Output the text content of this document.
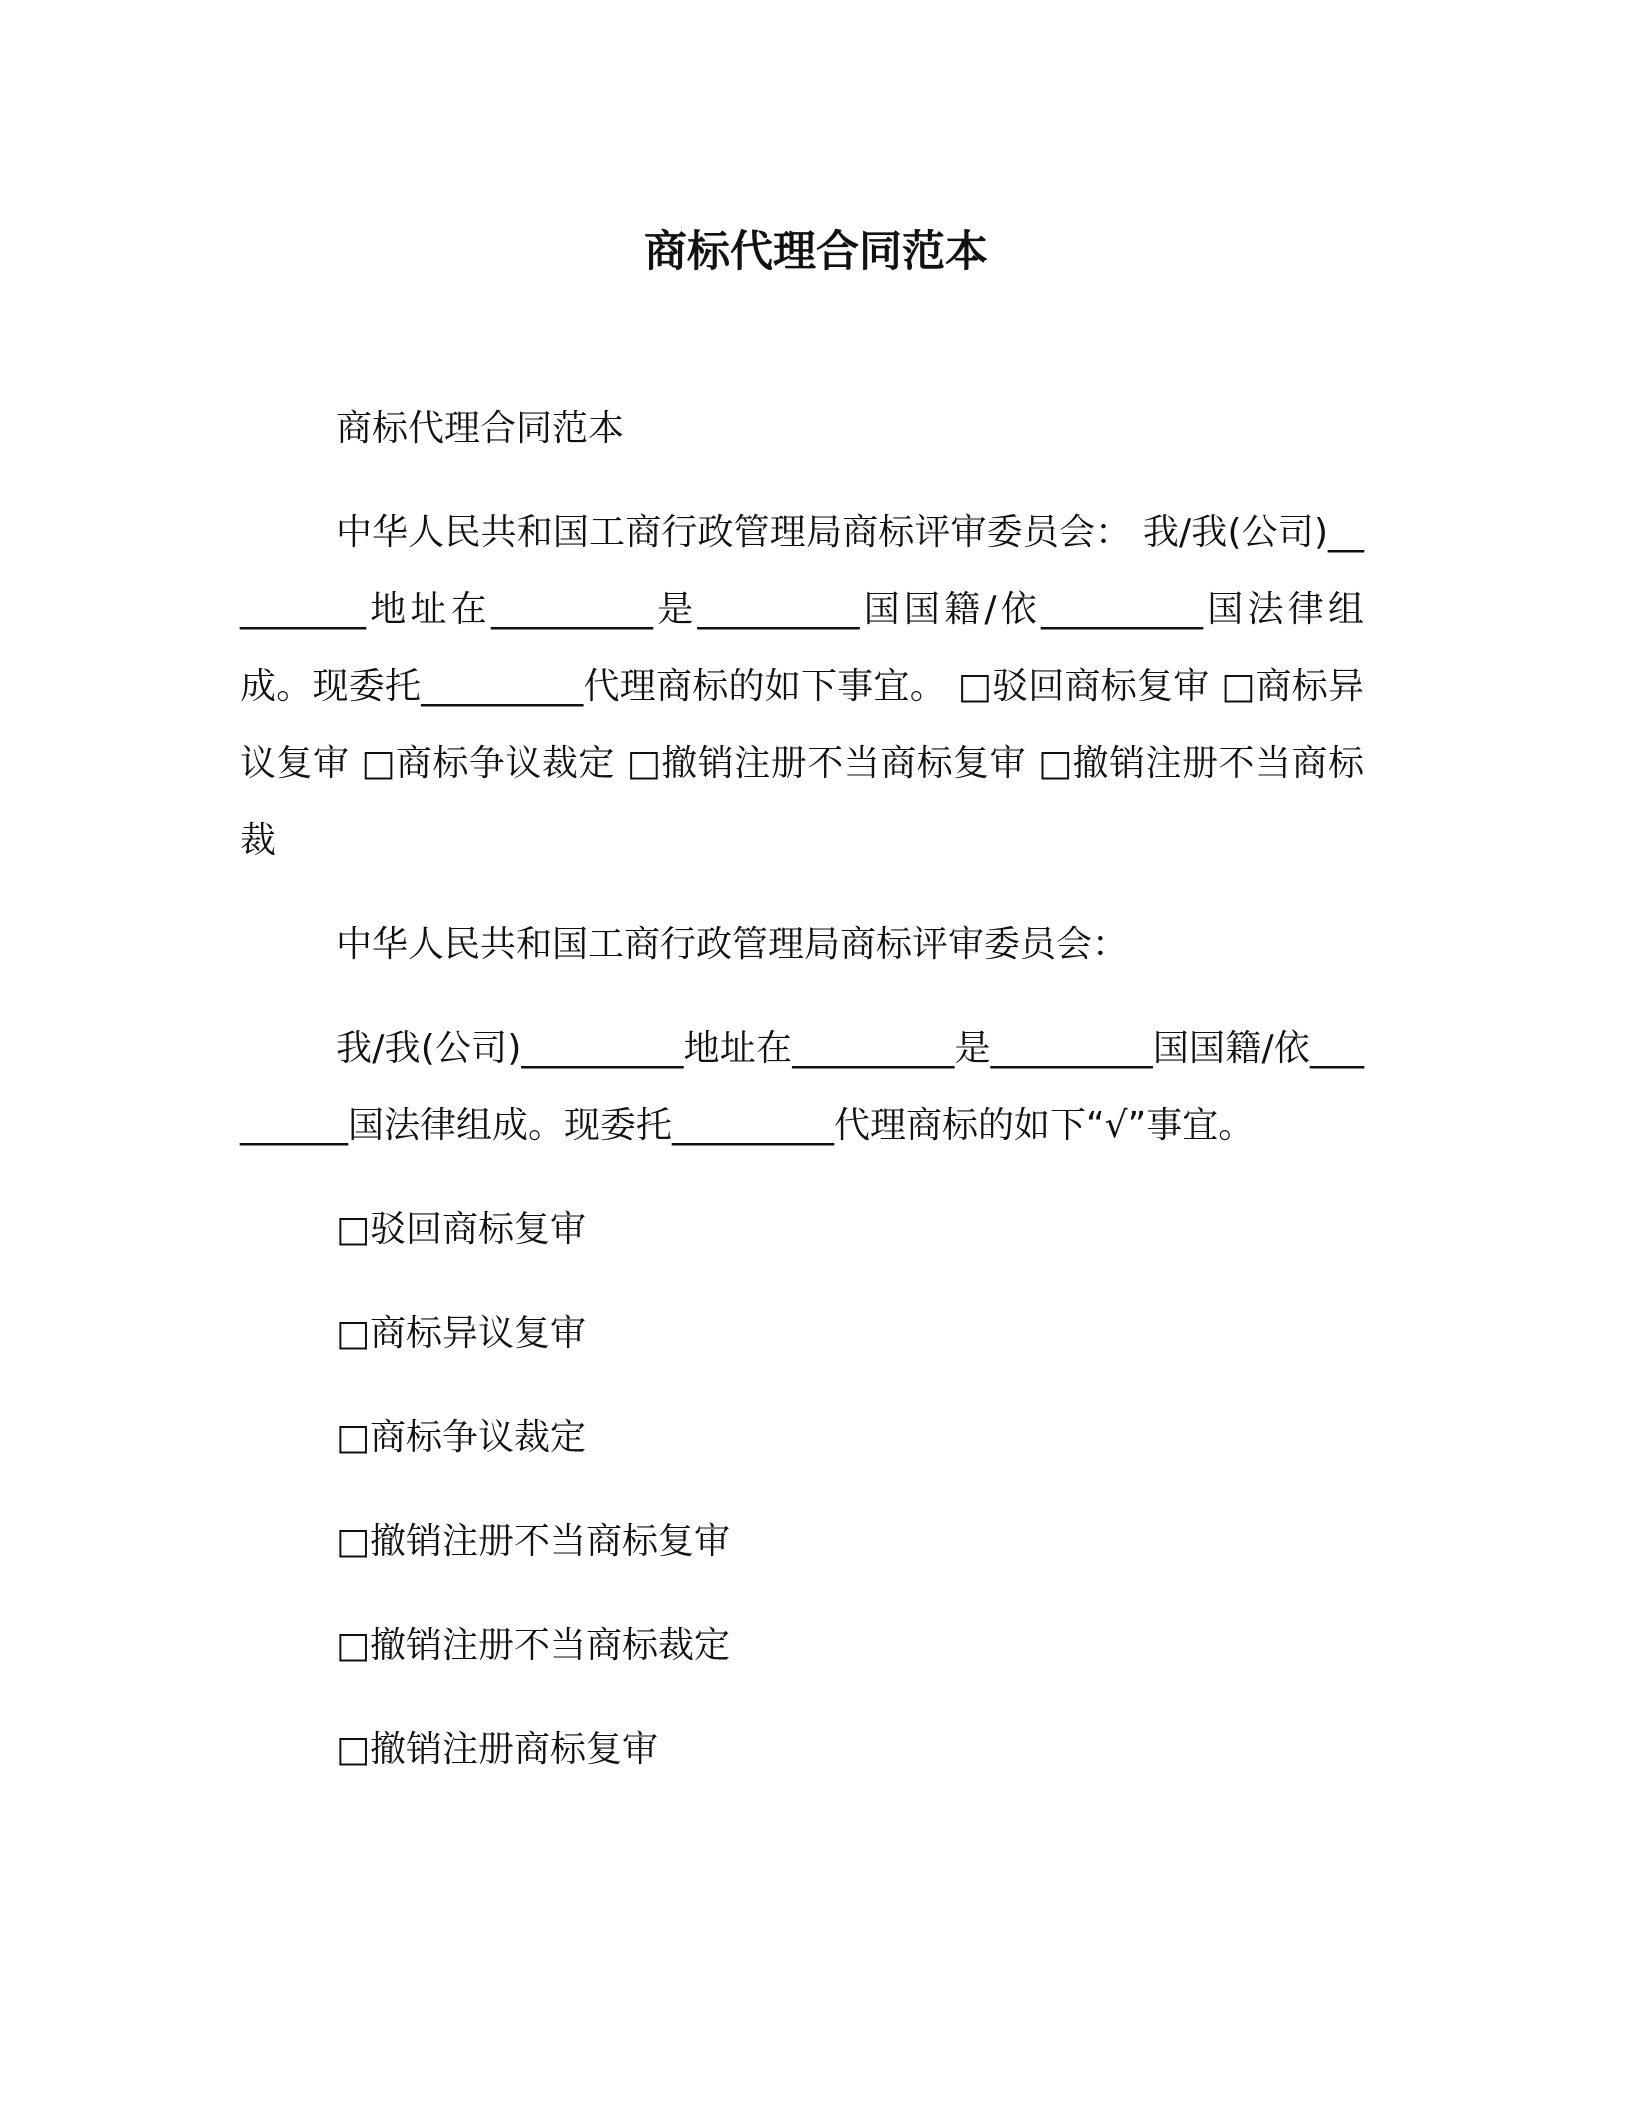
商标代理合同范本

商标代理合同范本

中华人民共和国工商行政管理局商标评审委员会： 我/我(公司)_________地址在_________是_________国国籍/依_________国法律组成。现委托_________代理商标的如下事宜。 □驳回商标复审 □商标异议复审 □商标争议裁定 □撤销注册不当商标复审 □撤销注册不当商标裁

中华人民共和国工商行政管理局商标评审委员会：

我/我(公司)_________地址在_________是_________国国籍/依_________国法律组成。现委托_________代理商标的如下“√”事宜。

□驳回商标复审
□商标异议复审
□商标争议裁定
□撤销注册不当商标复审
□撤销注册不当商标裁定
□撤销注册商标复审
